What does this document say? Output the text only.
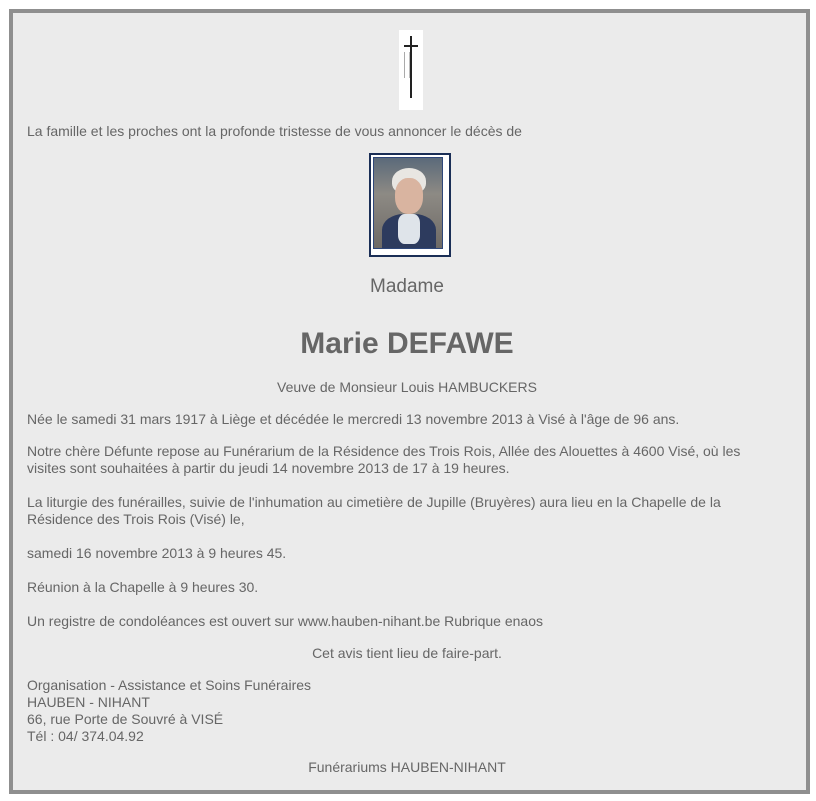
La famille et les proches ont la profonde tristesse de vous annoncer le décès de
Madame
Marie DEFAWE
Veuve de Monsieur Louis HAMBUCKERS
Née le samedi 31 mars 1917 à Liège et décédée le mercredi 13 novembre 2013 à Visé à l'âge de 96 ans.
Notre chère Défunte repose au Funérarium de la Résidence des Trois Rois, Allée des Alouettes à 4600 Visé, où les
visites sont souhaitées à partir du jeudi 14 novembre 2013 de 17 à 19 heures.
La liturgie des funérailles, suivie de l'inhumation au cimetière de Jupille (Bruyères) aura lieu en la Chapelle de la
Résidence des Trois Rois (Visé) le,
samedi 16 novembre 2013 à 9 heures 45.
Réunion à la Chapelle à 9 heures 30.
Un registre de condoléances est ouvert sur www.hauben-nihant.be Rubrique enaos
Cet avis tient lieu de faire-part.
Organisation - Assistance et Soins Funéraires
HAUBEN - NIHANT
66, rue Porte de Souvré à VISÉ
Tél : 04/ 374.04.92
Funérariums HAUBEN-NIHANT
